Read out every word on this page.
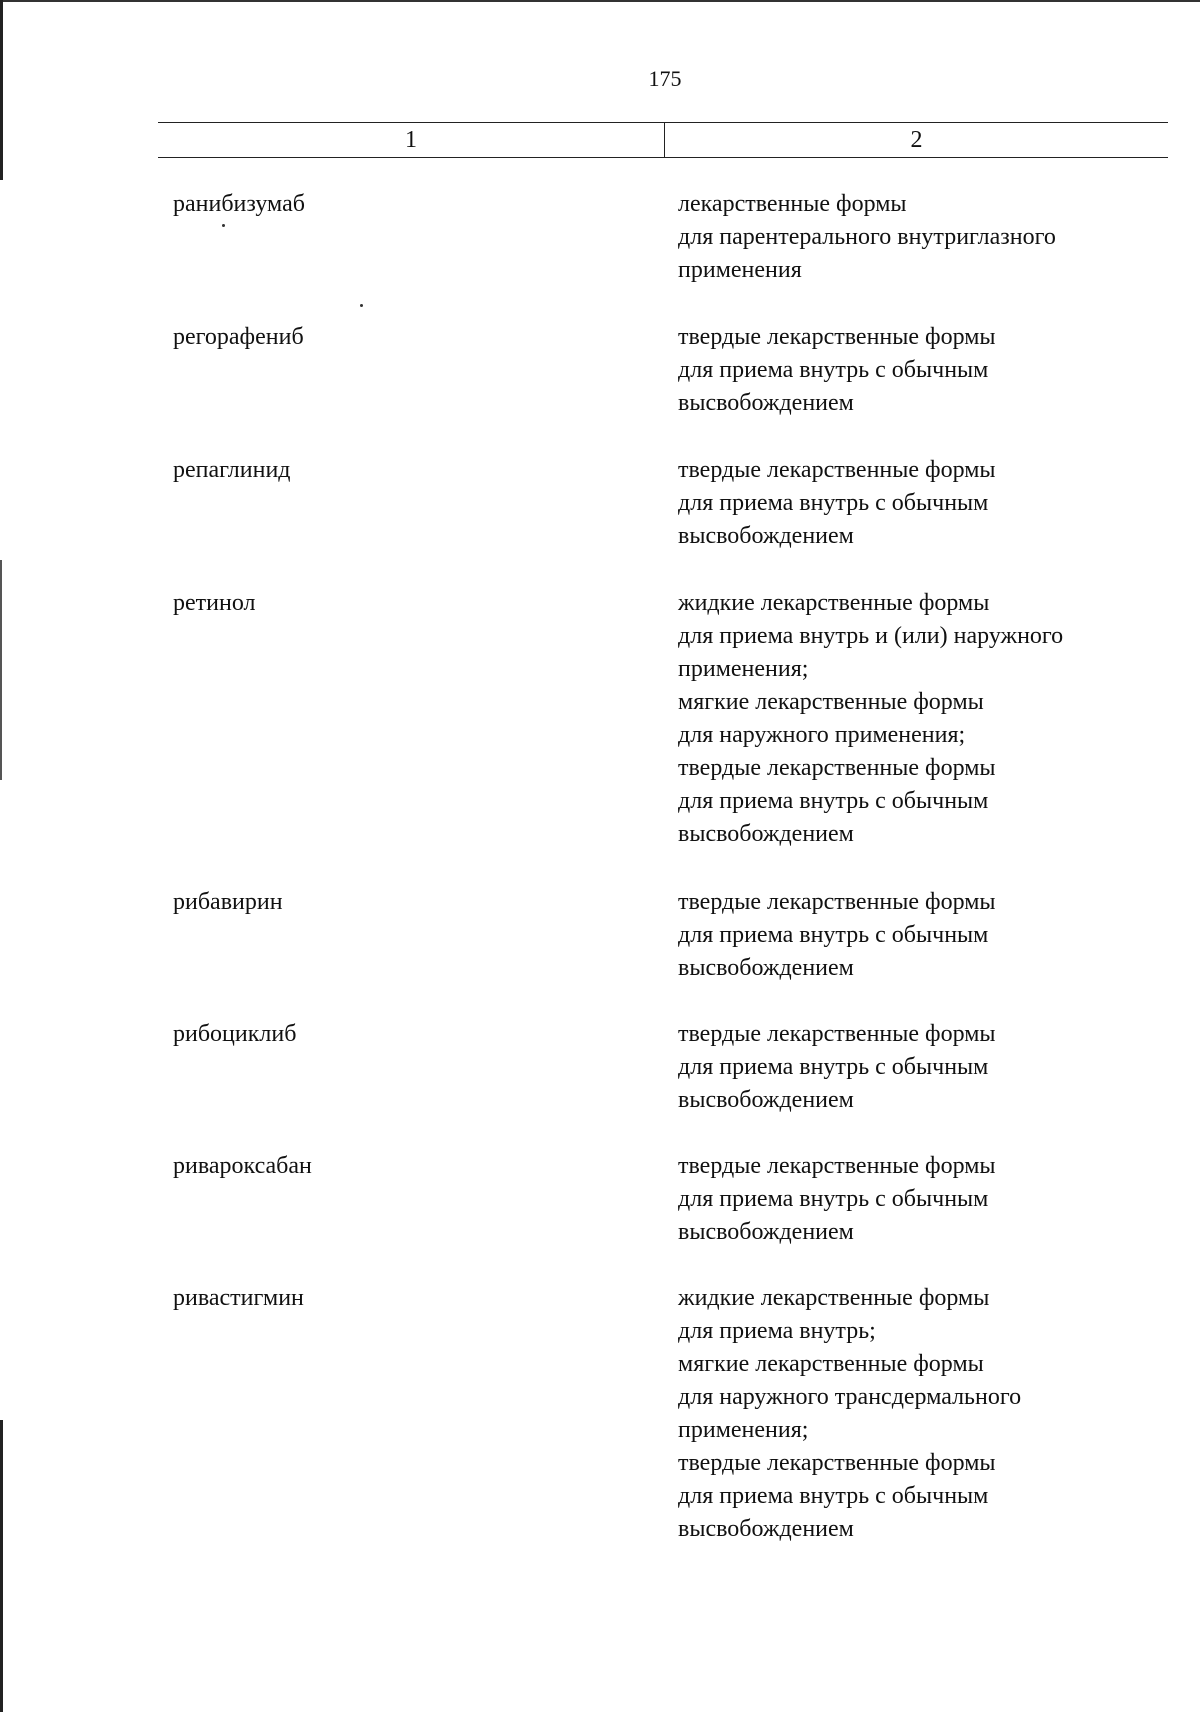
175
1	2
ранибизумаб	лекарственные формы
для парентерального внутриглазного
применения
регорафениб	твердые лекарственные формы
для приема внутрь с обычным
высвобождением
репаглинид	твердые лекарственные формы
для приема внутрь с обычным
высвобождением
ретинол	жидкие лекарственные формы
для приема внутрь и (или) наружного
применения;
мягкие лекарственные формы
для наружного применения;
твердые лекарственные формы
для приема внутрь с обычным
высвобождением
рибавирин	твердые лекарственные формы
для приема внутрь с обычным
высвобождением
рибоциклиб	твердые лекарственные формы
для приема внутрь с обычным
высвобождением
ривароксабан	твердые лекарственные формы
для приема внутрь с обычным
высвобождением
ривастигмин	жидкие лекарственные формы
для приема внутрь;
мягкие лекарственные формы
для наружного трансдермального
применения;
твердые лекарственные формы
для приема внутрь с обычным
высвобождением
